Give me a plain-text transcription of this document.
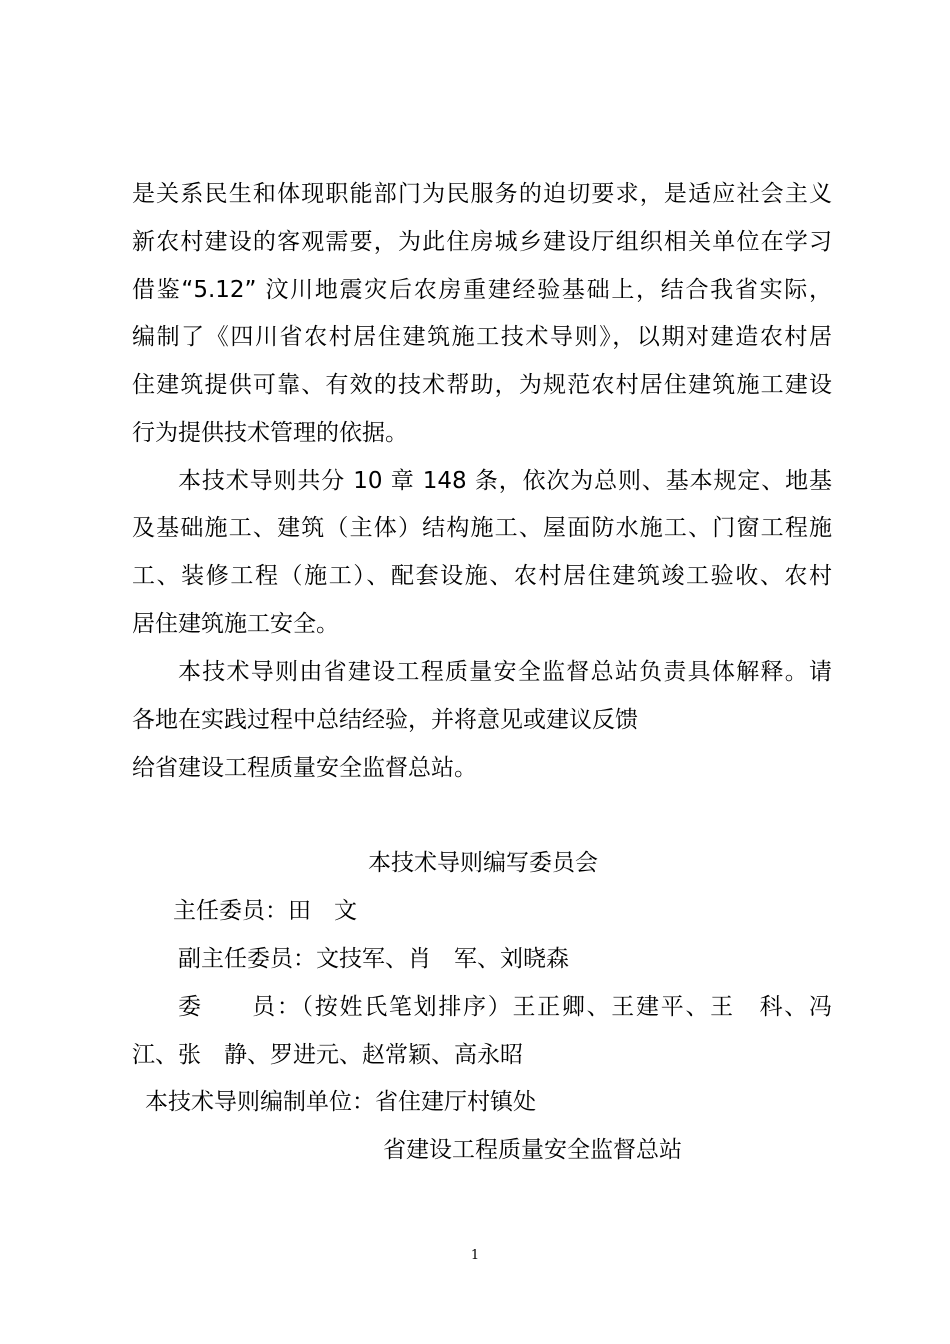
是关系民生和体现职能部门为民服务的迫切要求，是适应社会主义
新农村建设的客观需要，为此住房城乡建设厅组织相关单位在学习
借鉴“5.12” 汶川地震灾后农房重建经验基础上，结合我省实际，
编制了《四川省农村居住建筑施工技术导则》，以期对建造农村居
住建筑提供可靠、有效的技术帮助，为规范农村居住建筑施工建设
行为提供技术管理的依据。
本技术导则共分 10 章 148 条，依次为总则、基本规定、地基
及基础施工、建筑（主体）结构施工、屋面防水施工、门窗工程施
工、装修工程（施工）、配套设施、农村居住建筑竣工验收、农村
居住建筑施工安全。
本技术导则由省建设工程质量安全监督总站负责具体解释。请
各地在实践过程中总结经验，并将意见或建议反馈
给省建设工程质量安全监督总站。
本技术导则编写委员会
主任委员：田　文
副主任委员：文技军、肖　军、刘晓森
委　　员：（按姓氏笔划排序）王正卿、王建平、王　科、冯
江、张　静、罗进元、赵常颖、高永昭
本技术导则编制单位：省住建厅村镇处
省建设工程质量安全监督总站
1
